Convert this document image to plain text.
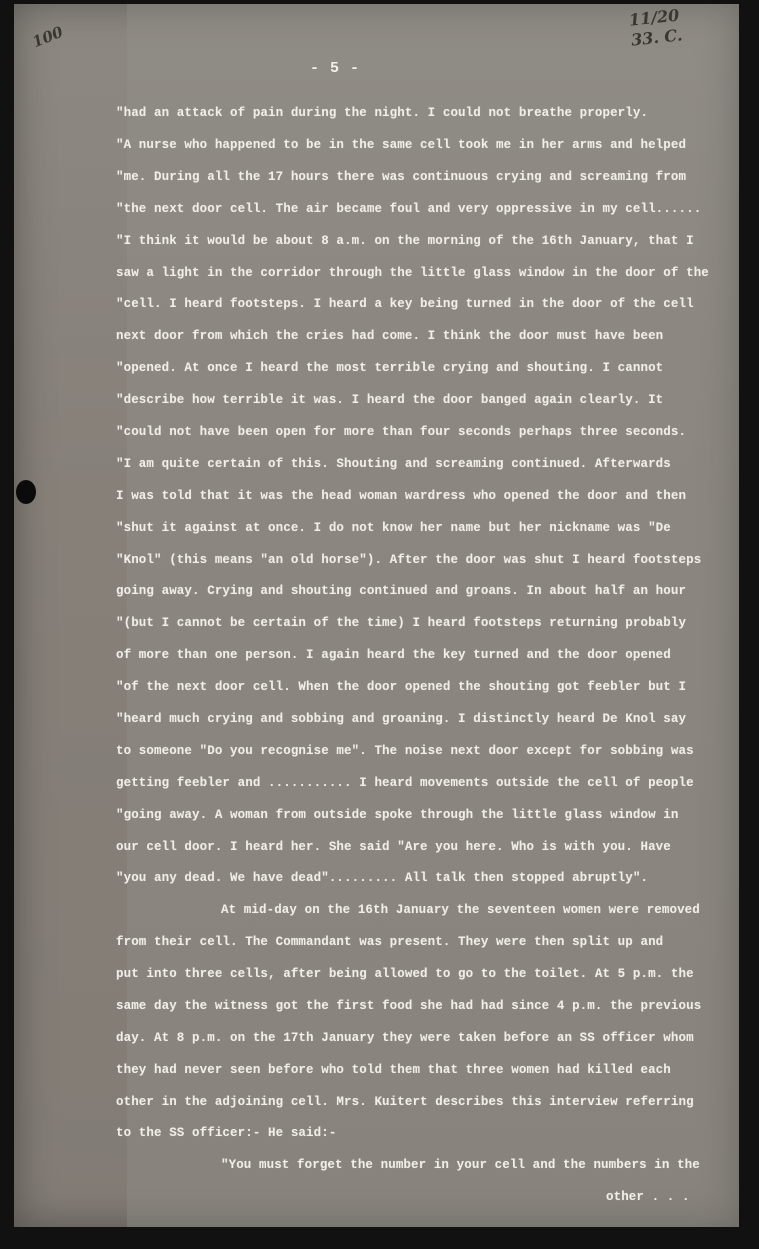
100
11/20
33. C.
- 5 -
"had an attack of pain during the night. I could not breathe properly.
"A nurse who happened to be in the same cell took me in her arms and helped
"me. During all the 17 hours there was continuous crying and screaming from
"the next door cell. The air became foul and very oppressive in my cell......
"I think it would be about 8 a.m. on the morning of the 16th January, that I
saw a light in the corridor through the little glass window in the door of the
"cell. I heard footsteps. I heard a key being turned in the door of the cell
next door from which the cries had come. I think the door must have been
"opened. At once I heard the most terrible crying and shouting. I cannot
"describe how terrible it was. I heard the door banged again clearly. It
"could not have been open for more than four seconds perhaps three seconds.
"I am quite certain of this. Shouting and screaming continued. Afterwards
I was told that it was the head woman wardress who opened the door and then
"shut it against at once. I do not know her name but her nickname was "De
"Knol" (this means "an old horse"). After the door was shut I heard footsteps
going away. Crying and shouting continued and groans. In about half an hour
"(but I cannot be certain of the time) I heard footsteps returning probably
of more than one person. I again heard the key turned and the door opened
"of the next door cell. When the door opened the shouting got feebler but I
"heard much crying and sobbing and groaning. I distinctly heard De Knol say
to someone "Do you recognise me". The noise next door except for sobbing was
getting feebler and ........... I heard movements outside the cell of people
"going away. A woman from outside spoke through the little glass window in
our cell door. I heard her. She said "Are you here. Who is with you. Have
"you any dead. We have dead"......... All talk then stopped abruptly".
At mid-day on the 16th January the seventeen women were removed
from their cell. The Commandant was present. They were then split up and
put into three cells, after being allowed to go to the toilet. At 5 p.m. the
same day the witness got the first food she had had since 4 p.m. the previous
day. At 8 p.m. on the 17th January they were taken before an SS officer whom
they had never seen before who told them that three women had killed each
other in the adjoining cell. Mrs. Kuitert describes this interview referring
to the SS officer:- He said:-
"You must forget the number in your cell and the numbers in the
other . . .
